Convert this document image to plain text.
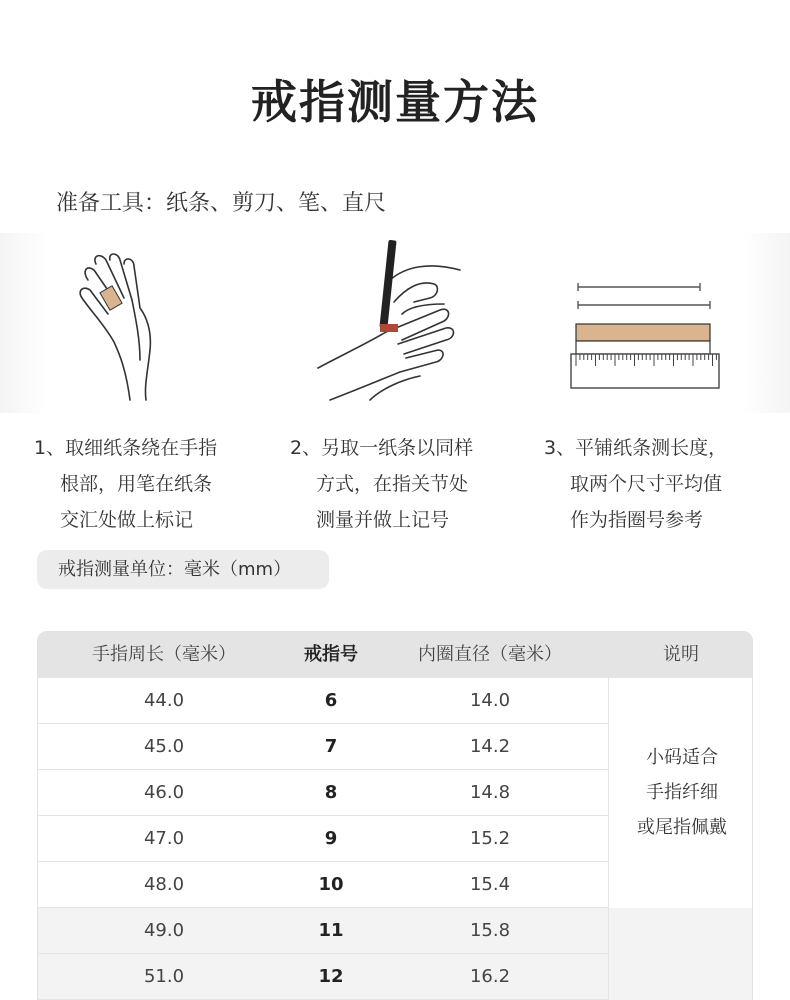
戒指测量方法
准备工具：纸条、剪刀、笔、直尺
1、取细纸条绕在手指
根部，用笔在纸条
交汇处做上标记
2、另取一纸条以同样
方式，在指关节处
测量并做上记号
3、平铺纸条测长度，
取两个尺寸平均值
作为指圈号参考
戒指测量单位：毫米（mm）
手指周长（毫米）	戒指号	内圈直径（毫米）	说明
44.0	6	14.0
45.0	7	14.2
46.0	8	14.8
47.0	9	15.2
48.0	10	15.4
49.0	11	15.8
51.0	12	16.2
小码适合
手指纤细
或尾指佩戴
